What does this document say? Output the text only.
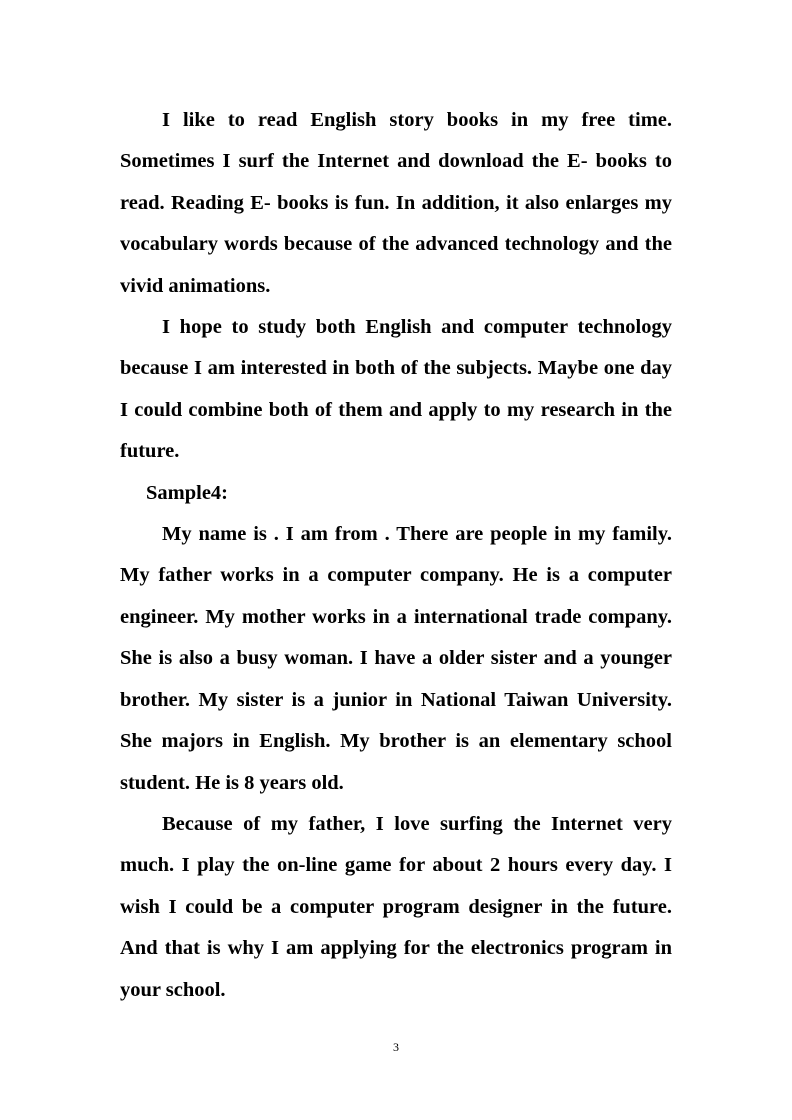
I like to read English story books in my free time. Sometimes I surf the Internet and download the E- books to read. Reading E- books is fun. In addition, it also enlarges my vocabulary words because of the advanced technology and the vivid animations.

I hope to study both English and computer technology because I am interested in both of the subjects. Maybe one day I could combine both of them and apply to my research in the future.

Sample4:

My name is . I am from . There are people in my family. My father works in a computer company. He is a computer engineer. My mother works in a international trade company. She is also a busy woman. I have a older sister and a younger brother. My sister is a junior in National Taiwan University. She majors in English. My brother is an elementary school student. He is 8 years old.

Because of my father, I love surfing the Internet very much. I play the on-line game for about 2 hours every day. I wish I could be a computer program designer in the future. And that is why I am applying for the electronics program in your school.

3
